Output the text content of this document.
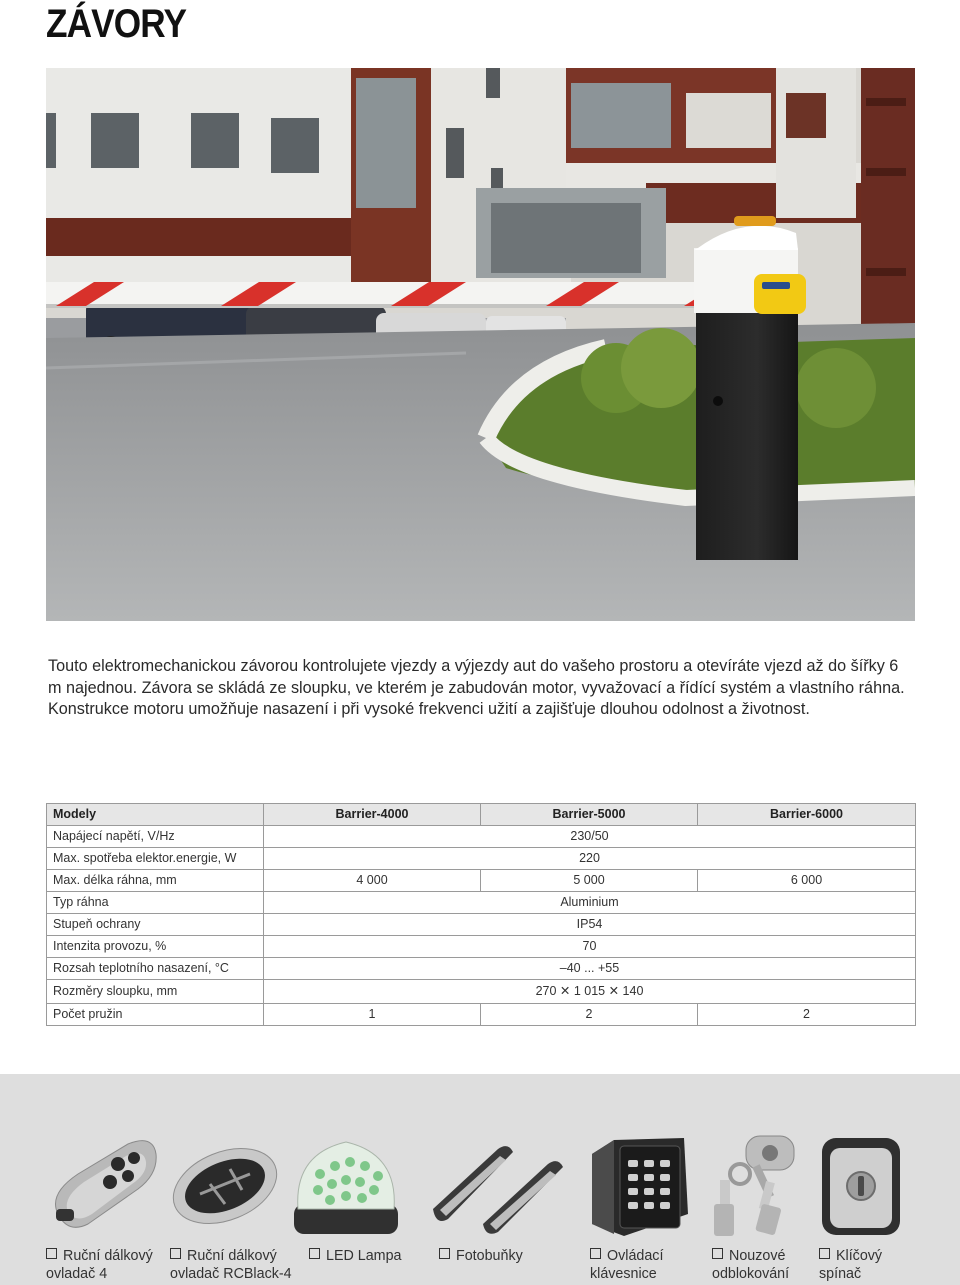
ZÁVORY

Touto elektromechanickou závorou kontrolujete vjezdy a výjezdy aut do vašeho prostoru a otevíráte vjezd až do šířky 6 m najednou. Závora se skládá ze sloupku, ve kterém je zabudován motor, vyvažovací a řídící systém a vlastního ráhna. Konstrukce motoru umožňuje nasazení i při vysoké frekvenci užití a zajišťuje dlouhou odolnost a životnost.

Modely	Barrier-4000	Barrier-5000	Barrier-6000
Napájecí napětí, V/Hz	230/50		
Max. spotřeba elektor.energie, W	220		
Max. délka ráhna, mm	4 000	5 000	6 000
Typ ráhna	Aluminium		
Stupeň ochrany	IP54		
Intenzita provozu, %	70		
Rozsah teplotního nasazení, °C	–40 ... +55		
Rozměry sloupku, mm	270 ✕ 1 015 ✕ 140		
Počet pružin	1	2	2
Ruční dálkový
ovladač 4
Ruční dálkový
ovladač RCBlack-4
LED Lampa	Fotobuňky	Ovládací
klávesnice
Nouzové
odblokování
Klíčový
spínač
